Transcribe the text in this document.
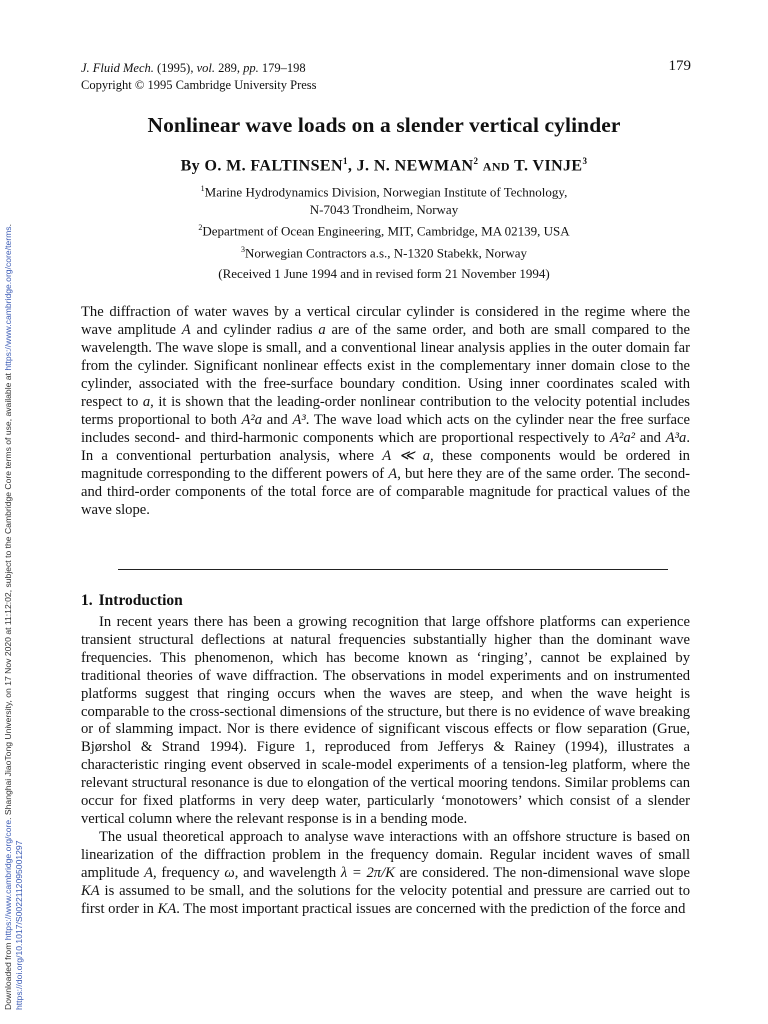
Downloaded from https://www.cambridge.org/core. Shanghai JiaoTong University, on 17 Nov 2020 at 11:12:02, subject to the Cambridge Core terms of use, available at https://www.cambridge.org/core/terms.
https://doi.org/10.1017/S0022112095001297
J. Fluid Mech. (1995), vol. 289, pp. 179–198
Copyright © 1995 Cambridge University Press
179
Nonlinear wave loads on a slender vertical cylinder
By O. M. FALTINSEN$^1$, J. N. NEWMAN$^2$ AND T. VINJE$^3$

$^1$Marine Hydrodynamics Division, Norwegian Institute of Technology,

N-7043 Trondheim, Norway

$^2$Department of Ocean Engineering, MIT, Cambridge, MA 02139, USA

$^3$Norwegian Contractors a.s., N-1320 Stabekk, Norway

(Received 1 June 1994 and in revised form 21 November 1994)

The diffraction of water waves by a vertical circular cylinder is considered in the regime where the wave amplitude A and cylinder radius a are of the same order, and both are small compared to the wavelength. The wave slope is small, and a conventional linear analysis applies in the outer domain far from the cylinder. Significant nonlinear effects exist in the complementary inner domain close to the cylinder, associated with the free-surface boundary condition. Using inner coordinates scaled with respect to a, it is shown that the leading-order nonlinear contribution to the velocity potential includes terms proportional to both A²a and A³. The wave load which acts on the cylinder near the free surface includes second- and third-harmonic components which are proportional respectively to A²a² and A³a. In a conventional perturbation analysis, where A ≪ a, these components would be ordered in magnitude corresponding to the different powers of A, but here they are of the same order. The second- and third-order components of the total force are of comparable magnitude for practical values of the wave slope.

1. Introduction

In recent years there has been a growing recognition that large offshore platforms can experience transient structural deflections at natural frequencies substantially higher than the dominant wave frequencies. This phenomenon, which has become known as ‘ringing’, cannot be explained by traditional theories of wave diffraction. The observations in model experiments and on instrumented platforms suggest that ringing occurs when the waves are steep, and when the wave height is comparable to the cross-sectional dimensions of the structure, but there is no evidence of wave breaking or of slamming impact. Nor is there evidence of significant viscous effects or flow separation (Grue, Bjørshol & Strand 1994). Figure 1, reproduced from Jefferys & Rainey (1994), illustrates a characteristic ringing event observed in scale-model experiments of a tension-leg platform, where the relevant structural resonance is due to elongation of the vertical mooring tendons. Similar problems can occur for fixed platforms in very deep water, particularly ‘monotowers’ which consist of a slender vertical column where the relevant response is in a bending mode.

The usual theoretical approach to analyse wave interactions with an offshore structure is based on linearization of the diffraction problem in the frequency domain. Regular incident waves of small amplitude A, frequency ω, and wavelength λ = 2π/K are considered. The non-dimensional wave slope KA is assumed to be small, and the solutions for the velocity potential and pressure are carried out to first order in KA. The most important practical issues are concerned with the prediction of the force and
